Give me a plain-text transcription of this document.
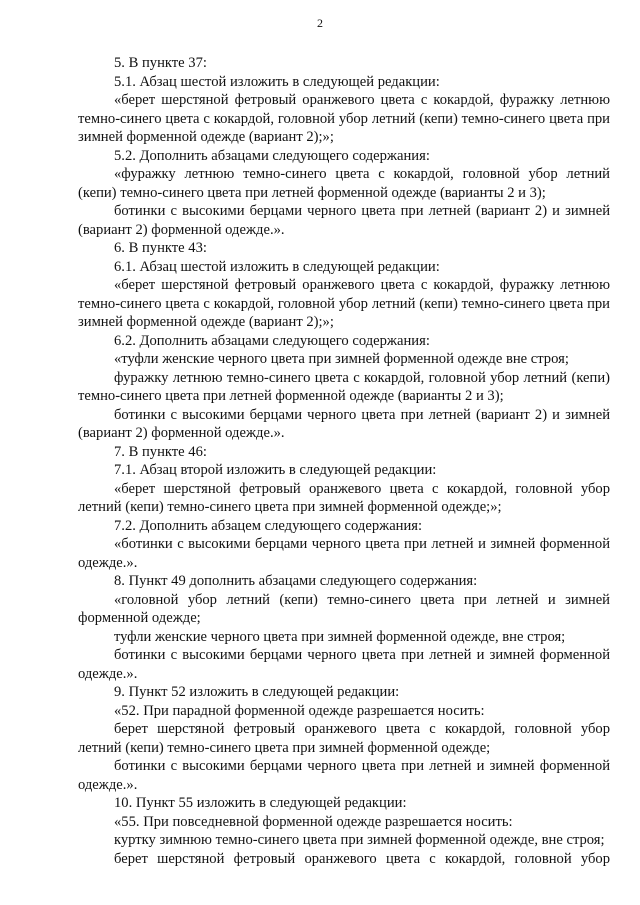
2

5. В пункте 37:

5.1. Абзац шестой изложить в следующей редакции:

«берет шерстяной фетровый оранжевого цвета с кокардой, фуражку летнюю темно-синего цвета с кокардой, головной убор летний (кепи) темно-синего цвета при зимней форменной одежде (вариант 2);»;

5.2. Дополнить абзацами следующего содержания:

«фуражку летнюю темно-синего цвета с кокардой, головной убор летний (кепи) темно-синего цвета при летней форменной одежде (варианты 2 и 3);

ботинки с высокими берцами черного цвета при летней (вариант 2) и зимней (вариант 2) форменной одежде.».

6. В пункте 43:

6.1. Абзац шестой изложить в следующей редакции:

«берет шерстяной фетровый оранжевого цвета с кокардой, фуражку летнюю темно-синего цвета с кокардой, головной убор летний (кепи) темно-синего цвета при зимней форменной одежде (вариант 2);»;

6.2. Дополнить абзацами следующего содержания:

«туфли женские черного цвета при зимней форменной одежде вне строя;

фуражку летнюю темно-синего цвета с кокардой, головной убор летний (кепи) темно-синего цвета при летней форменной одежде (варианты 2 и 3);

ботинки с высокими берцами черного цвета при летней (вариант 2) и зимней (вариант 2) форменной одежде.».

7. В пункте 46:

7.1. Абзац второй изложить в следующей редакции:

«берет шерстяной фетровый оранжевого цвета с кокардой, головной убор летний (кепи) темно-синего цвета при зимней форменной одежде;»;

7.2. Дополнить абзацем следующего содержания:

«ботинки с высокими берцами черного цвета при летней и зимней форменной одежде.».

8. Пункт 49 дополнить абзацами следующего содержания:

«головной убор летний (кепи) темно-синего цвета при летней и зимней форменной одежде;

туфли женские черного цвета при зимней форменной одежде, вне строя;

ботинки с высокими берцами черного цвета при летней и зимней форменной одежде.».

9. Пункт 52 изложить в следующей редакции:

«52. При парадной форменной одежде разрешается носить:

берет шерстяной фетровый оранжевого цвета с кокардой, головной убор летний (кепи) темно-синего цвета при зимней форменной одежде;

ботинки с высокими берцами черного цвета при летней и зимней форменной одежде.».

10. Пункт 55 изложить в следующей редакции:

«55. При повседневной форменной одежде разрешается носить:

куртку зимнюю темно-синего цвета при зимней форменной одежде, вне строя;

берет шерстяной фетровый оранжевого цвета с кокардой, головной убор
